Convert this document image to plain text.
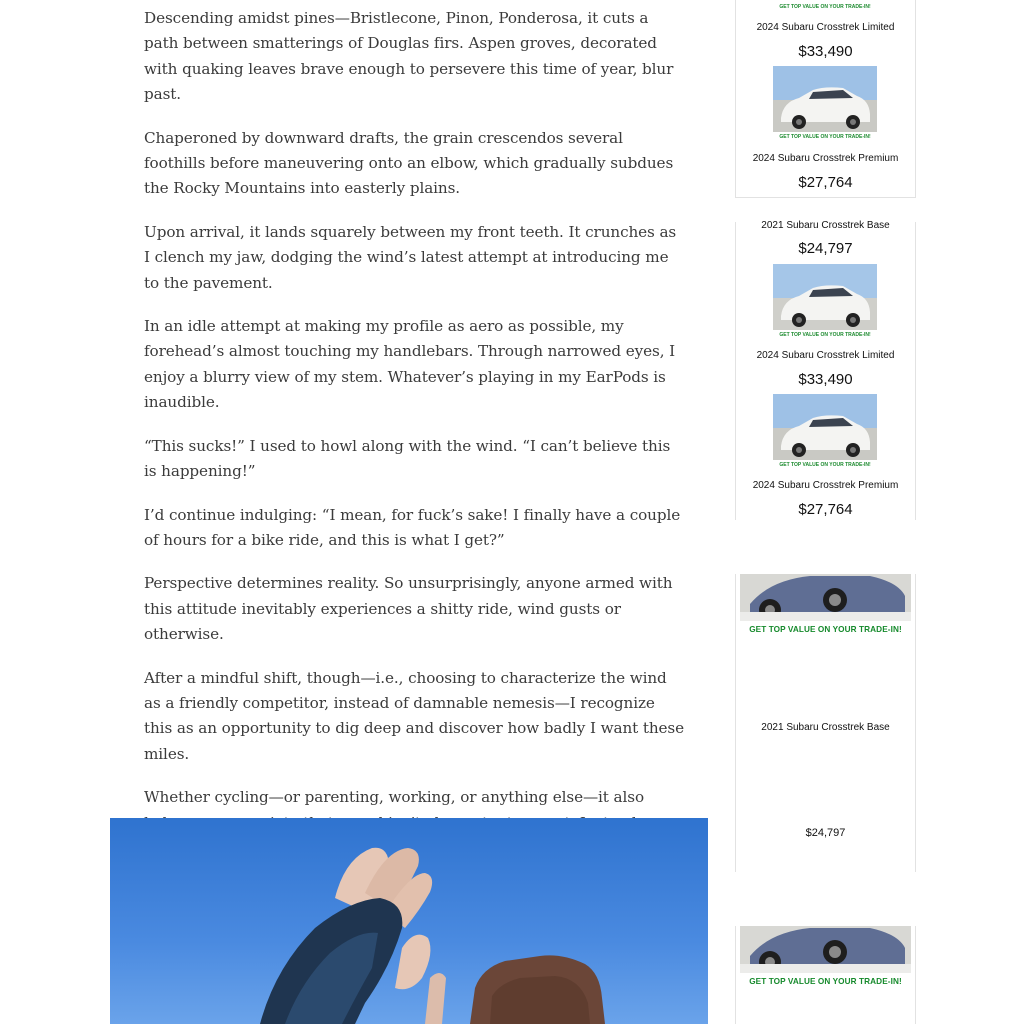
Descending amidst pines—Bristlecone, Pinon, Ponderosa, it cuts a path between smatterings of Douglas firs. Aspen groves, decorated with quaking leaves brave enough to persevere this time of year, blur past.

Chaperoned by downward drafts, the grain crescendos several foothills before maneuvering onto an elbow, which gradually subdues the Rocky Mountains into easterly plains.

Upon arrival, it lands squarely between my front teeth. It crunches as I clench my jaw, dodging the wind’s latest attempt at introducing me to the pavement.

In an idle attempt at making my profile as aero as possible, my forehead’s almost touching my handlebars. Through narrowed eyes, I enjoy a blurry view of my stem. Whatever’s playing in my EarPods is inaudible.

“This sucks!” I used to howl along with the wind. “I can’t believe this is happening!”

I’d continue indulging: “I mean, for fuck’s sake! I finally have a couple of hours for a bike ride, and this is what I get?”

Perspective determines reality. So unsurprisingly, anyone armed with this attitude inevitably experiences a shitty ride, wind gusts or otherwise.

After a mindful shift, though—i.e., choosing to characterize the wind as a friendly competitor, instead of damnable nemesis—I recognize this as an opportunity to dig deep and discover how badly I want these miles.

Whether cycling—or parenting, working, or anything else—it also

GET TOP VALUE ON YOUR TRADE-IN!
2024 Subaru Crosstrek Limited
$33,490
GET TOP VALUE ON YOUR TRADE-IN!
2024 Subaru Crosstrek Premium
$27,764
2021 Subaru Crosstrek Base
$24,797
GET TOP VALUE ON YOUR TRADE-IN!
2024 Subaru Crosstrek Limited
$33,490
GET TOP VALUE ON YOUR TRADE-IN!
2024 Subaru Crosstrek Premium
$27,764
GET TOP VALUE ON YOUR TRADE-IN!
2021 Subaru Crosstrek Base
$24,797
GET TOP VALUE ON YOUR TRADE-IN!
